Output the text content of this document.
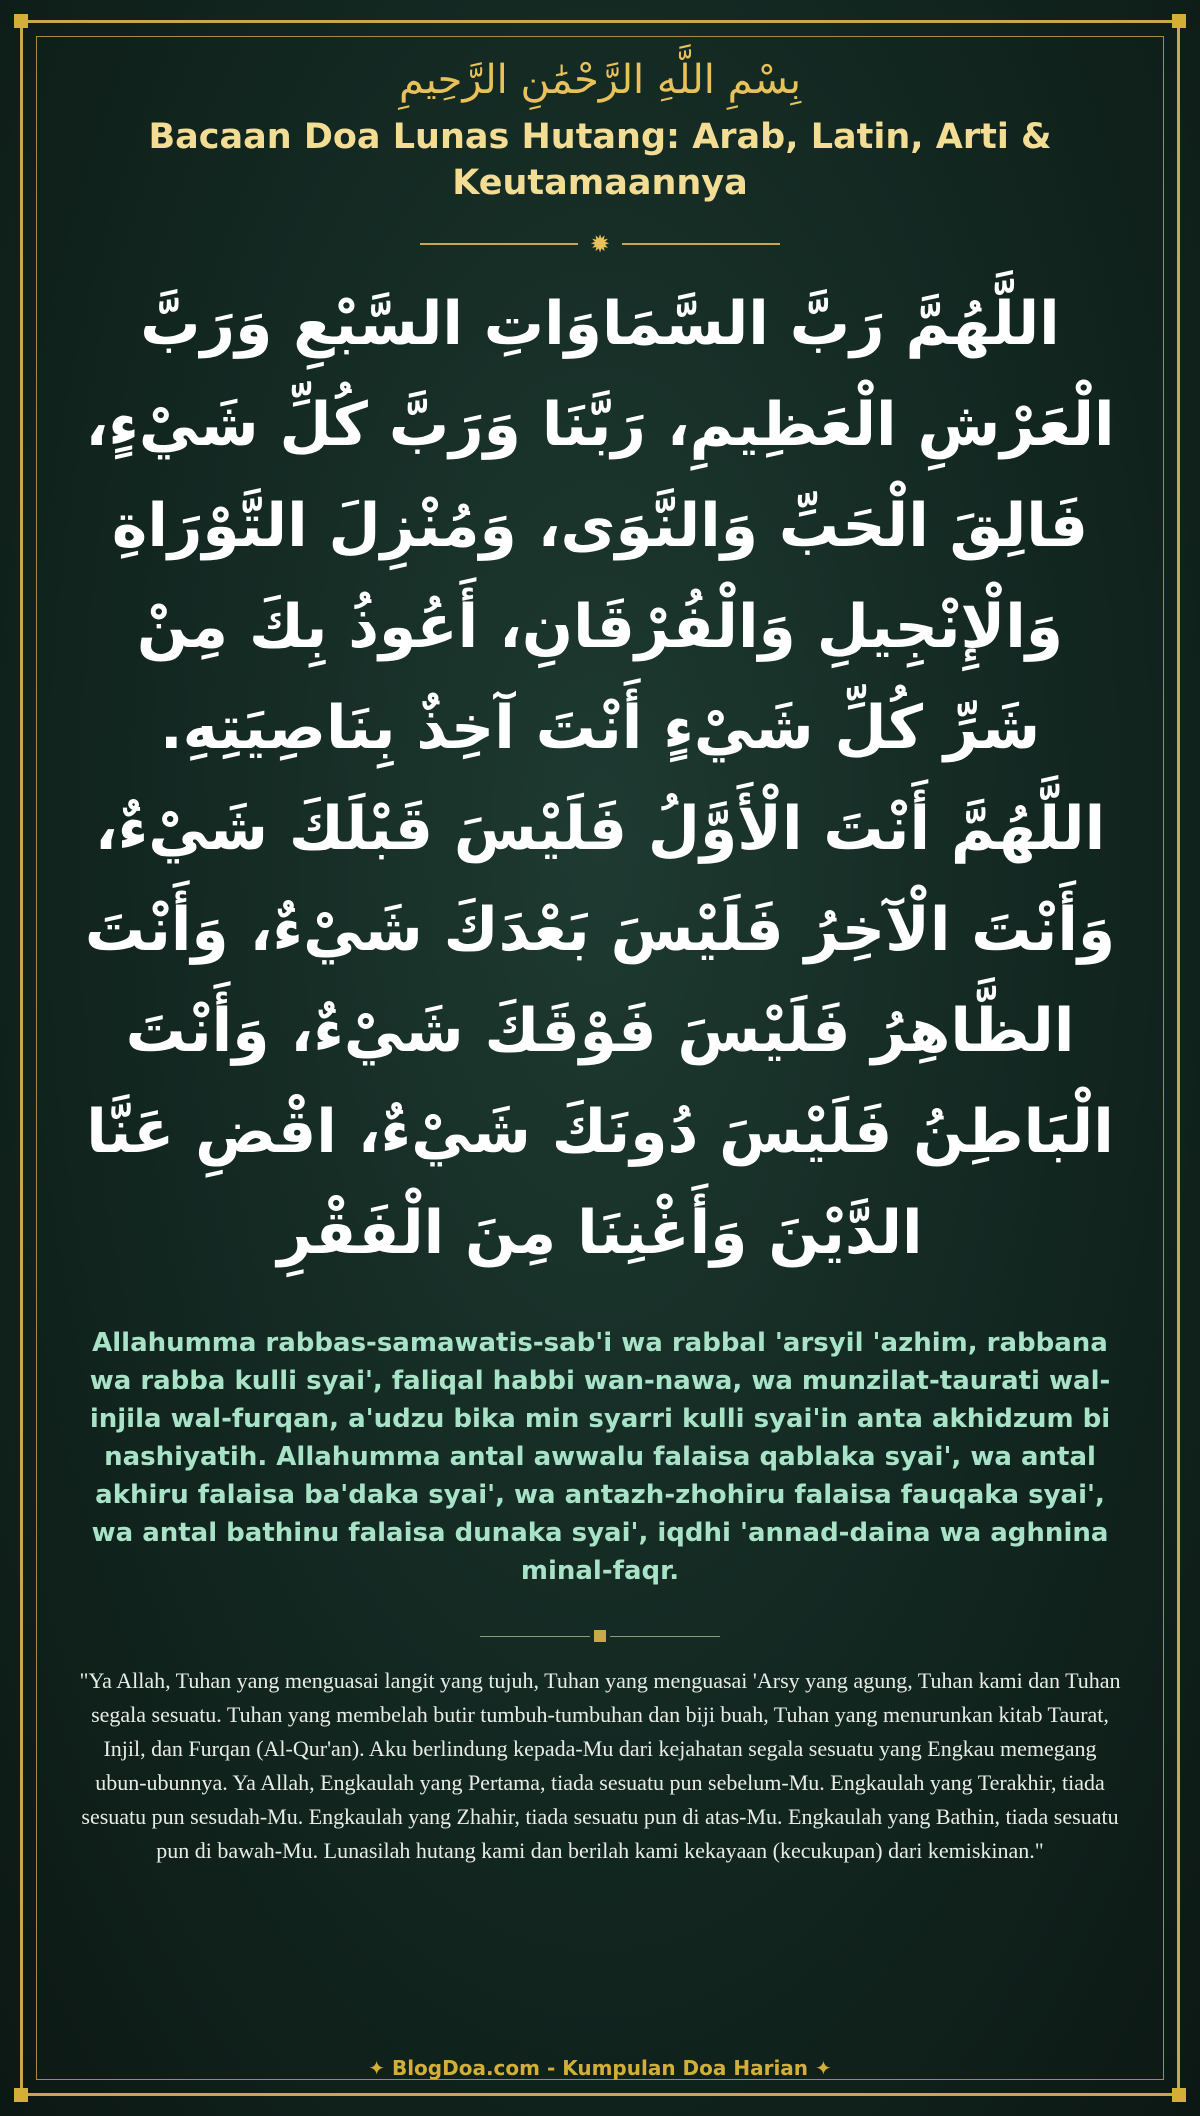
بِسْمِ اللَّهِ الرَّحْمَٰنِ الرَّحِيمِ
Bacaan Doa Lunas Hutang: Arab, Latin, Arti & Keutamaannya
✹
اللَّهُمَّ رَبَّ السَّمَاوَاتِ السَّبْعِ وَرَبَّ الْعَرْشِ الْعَظِيمِ، رَبَّنَا وَرَبَّ كُلِّ شَيْءٍ، فَالِقَ الْحَبِّ وَالنَّوَى، وَمُنْزِلَ التَّوْرَاةِ وَالْإِنْجِيلِ وَالْفُرْقَانِ، أَعُوذُ بِكَ مِنْ شَرِّ كُلِّ شَيْءٍ أَنْتَ آخِذٌ بِنَاصِيَتِهِ. اللَّهُمَّ أَنْتَ الْأَوَّلُ فَلَيْسَ قَبْلَكَ شَيْءٌ، وَأَنْتَ الْآخِرُ فَلَيْسَ بَعْدَكَ شَيْءٌ، وَأَنْتَ الظَّاهِرُ فَلَيْسَ فَوْقَكَ شَيْءٌ، وَأَنْتَ الْبَاطِنُ فَلَيْسَ دُونَكَ شَيْءٌ، اقْضِ عَنَّا الدَّيْنَ وَأَغْنِنَا مِنَ الْفَقْرِ
Allahumma rabbas-samawatis-sab'i wa rabbal 'arsyil 'azhim, rabbana wa rabba kulli syai', faliqal habbi wan-nawa, wa munzilat-taurati wal-injila wal-furqan, a'udzu bika min syarri kulli syai'in anta akhidzum bi nashiyatih. Allahumma antal awwalu falaisa qablaka syai', wa antal akhiru falaisa ba'daka syai', wa antazh-zhohiru falaisa fauqaka syai', wa antal bathinu falaisa dunaka syai', iqdhi 'annad-daina wa aghnina minal-faqr.
"Ya Allah, Tuhan yang menguasai langit yang tujuh, Tuhan yang menguasai 'Arsy yang agung, Tuhan kami dan Tuhan segala sesuatu. Tuhan yang membelah butir tumbuh-tumbuhan dan biji buah, Tuhan yang menurunkan kitab Taurat, Injil, dan Furqan (Al-Qur'an). Aku berlindung kepada-Mu dari kejahatan segala sesuatu yang Engkau memegang ubun-ubunnya. Ya Allah, Engkaulah yang Pertama, tiada sesuatu pun sebelum-Mu. Engkaulah yang Terakhir, tiada sesuatu pun sesudah-Mu. Engkaulah yang Zhahir, tiada sesuatu pun di atas-Mu. Engkaulah yang Bathin, tiada sesuatu pun di bawah-Mu. Lunasilah hutang kami dan berilah kami kekayaan (kecukupan) dari kemiskinan."
✦ BlogDoa.com - Kumpulan Doa Harian ✦
